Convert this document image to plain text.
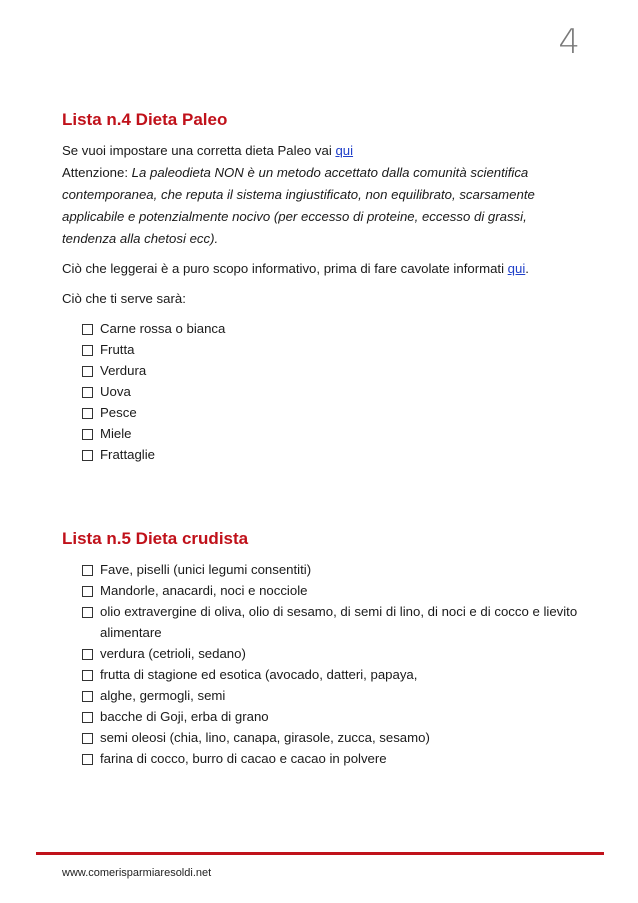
4
Lista n.4 Dieta Paleo

Se vuoi impostare una corretta dieta Paleo vai qui

Attenzione: La paleodieta NON è un metodo accettato dalla comunità scientifica contemporanea, che reputa il sistema ingiustificato, non equilibrato, scarsamente applicabile e potenzialmente nocivo (per eccesso di proteine, eccesso di grassi, tendenza alla chetosi ecc).

Ciò che leggerai è a puro scopo informativo, prima di fare cavolate informati qui.

Ciò che ti serve sarà:

Carne rossa o bianca
Frutta
Verdura
Uova
Pesce
Miele
Frattaglie
Lista n.5 Dieta crudista
Fave, piselli (unici legumi consentiti)
Mandorle, anacardi, noci e nocciole
olio extravergine di oliva, olio di sesamo, di semi di lino, di noci e di cocco e lievito alimentare
verdura (cetrioli, sedano)
frutta di stagione ed esotica (avocado, datteri, papaya,
alghe, germogli, semi
bacche di Goji, erba di grano
semi oleosi (chia, lino, canapa, girasole, zucca, sesamo)
farina di cocco, burro di cacao e cacao in polvere
www.comerisparmiaresoldi.net
